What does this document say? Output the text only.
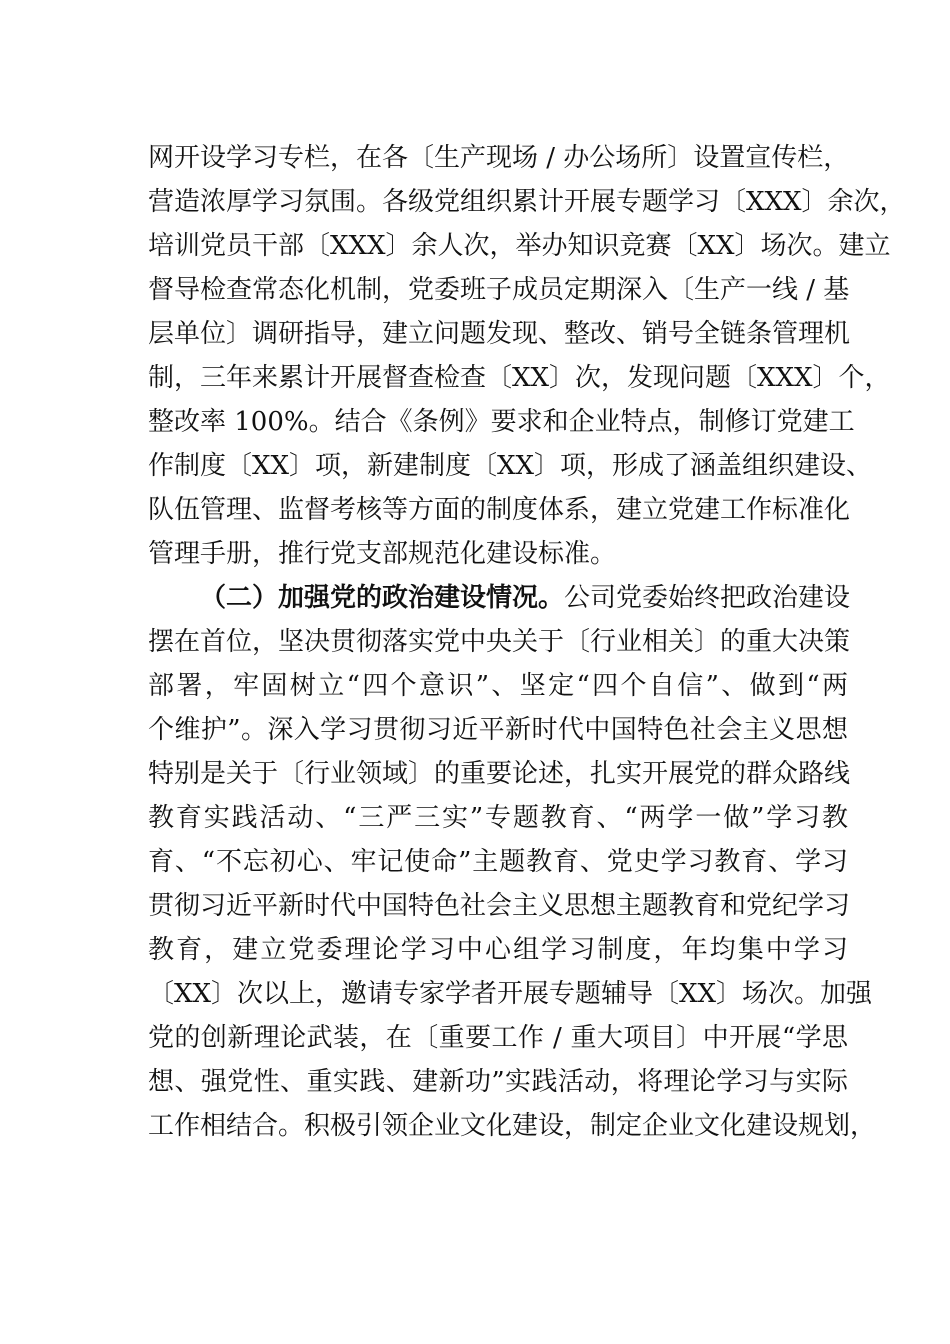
网开设学习专栏，在各〔生产现场 / 办公场所〕设置宣传栏，
营造浓厚学习氛围。各级党组织累计开展专题学习〔XXX〕余次，
培训党员干部〔XXX〕余人次，举办知识竞赛〔XX〕场次。建立
督导检查常态化机制，党委班子成员定期深入〔生产一线 / 基
层单位〕调研指导，建立问题发现、整改、销号全链条管理机
制，三年来累计开展督查检查〔XX〕次，发现问题〔XXX〕个，
整改率 100%。结合《条例》要求和企业特点，制修订党建工
作制度〔XX〕项，新建制度〔XX〕项，形成了涵盖组织建设、
队伍管理、监督考核等方面的制度体系，建立党建工作标准化
管理手册，推行党支部规范化建设标准。
（二）加强党的政治建设情况。公司党委始终把政治建设
摆在首位，坚决贯彻落实党中央关于〔行业相关〕的重大决策
部署，牢固树立“四个意识”、坚定“四个自信”、做到“两
个维护”。深入学习贯彻习近平新时代中国特色社会主义思想
特别是关于〔行业领域〕的重要论述，扎实开展党的群众路线
教育实践活动、“三严三实”专题教育、“两学一做”学习教
育、“不忘初心、牢记使命”主题教育、党史学习教育、学习
贯彻习近平新时代中国特色社会主义思想主题教育和党纪学习
教育，建立党委理论学习中心组学习制度，年均集中学习
〔XX〕次以上，邀请专家学者开展专题辅导〔XX〕场次。加强
党的创新理论武装，在〔重要工作 / 重大项目〕中开展“学思
想、强党性、重实践、建新功”实践活动，将理论学习与实际
工作相结合。积极引领企业文化建设，制定企业文化建设规划，
